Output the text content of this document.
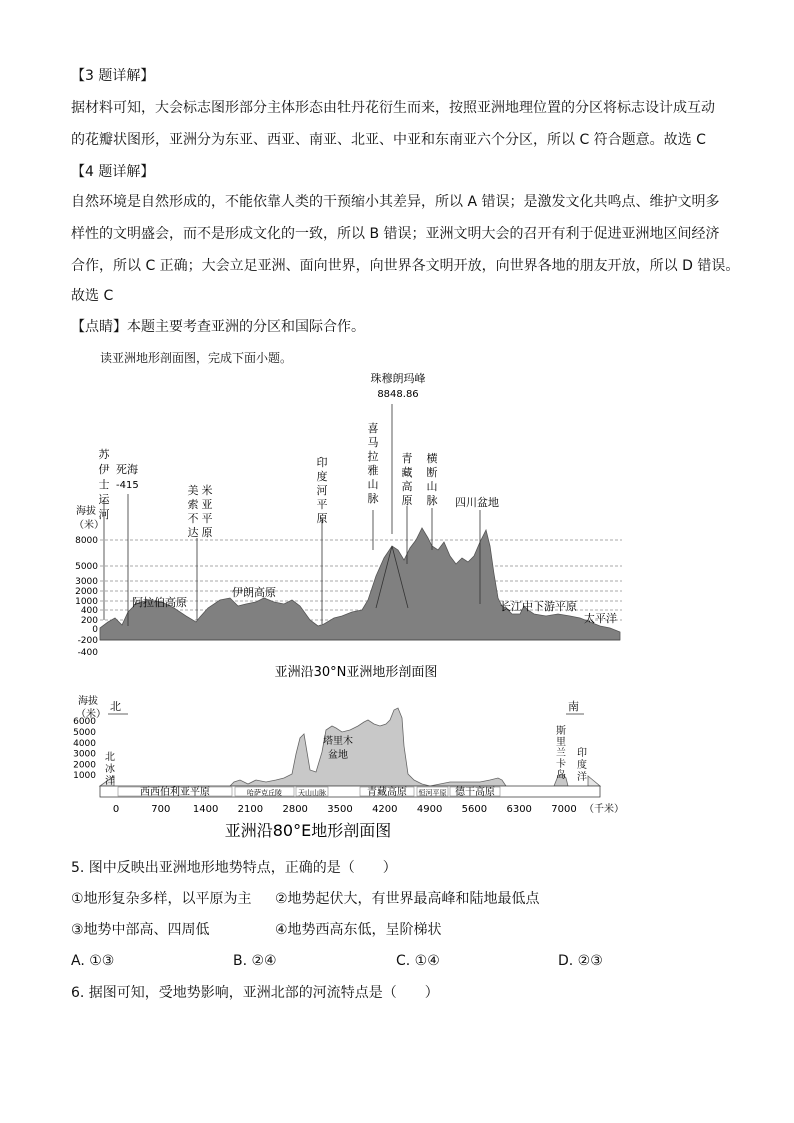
【3 题详解】
据材料可知，大会标志图形部分主体形态由牡丹花衍生而来，按照亚洲地理位置的分区将标志设计成互动
的花瓣状图形，亚洲分为东亚、西亚、南亚、北亚、中亚和东南亚六个分区，所以 C 符合题意。故选 C
【4 题详解】
自然环境是自然形成的，不能依靠人类的干预缩小其差异，所以 A 错误；是激发文化共鸣点、维护文明多
样性的文明盛会，而不是形成文化的一致，所以 B 错误；亚洲文明大会的召开有利于促进亚洲地区间经济
合作，所以 C 正确；大会立足亚洲、面向世界，向世界各文明开放，向世界各地的朋友开放，所以 D 错误。
故选 C
【点睛】本题主要考查亚洲的分区和国际合作。
读亚洲地形剖面图，完成下面小题。
海拔
（米）
-400
-200
0
200
400
1000
2000
3000
5000
8000
珠穆朗玛峰
8848.86
苏
伊
士
运
河
米
亚
平
原
美
索
不
达
印
度
河
平
原
喜
马
拉
雅
山
脉
青
藏
高
原
横
断
山
脉
死海
-415
阿拉伯高原
伊朗高原
长江中下游平原
太平洋
四川盆地
亚洲沿30°N亚洲地形剖面图
海拔
（米）
1000
2000
3000
4000
5000
6000
北	南
西西伯利亚平原	哈萨克丘陵 天山山脉	青藏高原 恒河平原 德干高原
0	700 1400 2100 2800 3500 4200 4900 5600 6300 7000 （千米）
北
冰
洋
斯
里
兰
卡
岛
印
度
洋
塔里木
盆地
亚洲沿80°E地形剖面图
5. 图中反映出亚洲地形地势特点，正确的是（　　）
①地形复杂多样，以平原为主 ②地势起伏大，有世界最高峰和陆地最低点
③地势中部高、四周低	④地势西高东低，呈阶梯状
A. ①③	B. ②④	C. ①④	D. ②③
6. 据图可知，受地势影响，亚洲北部的河流特点是（　　）
